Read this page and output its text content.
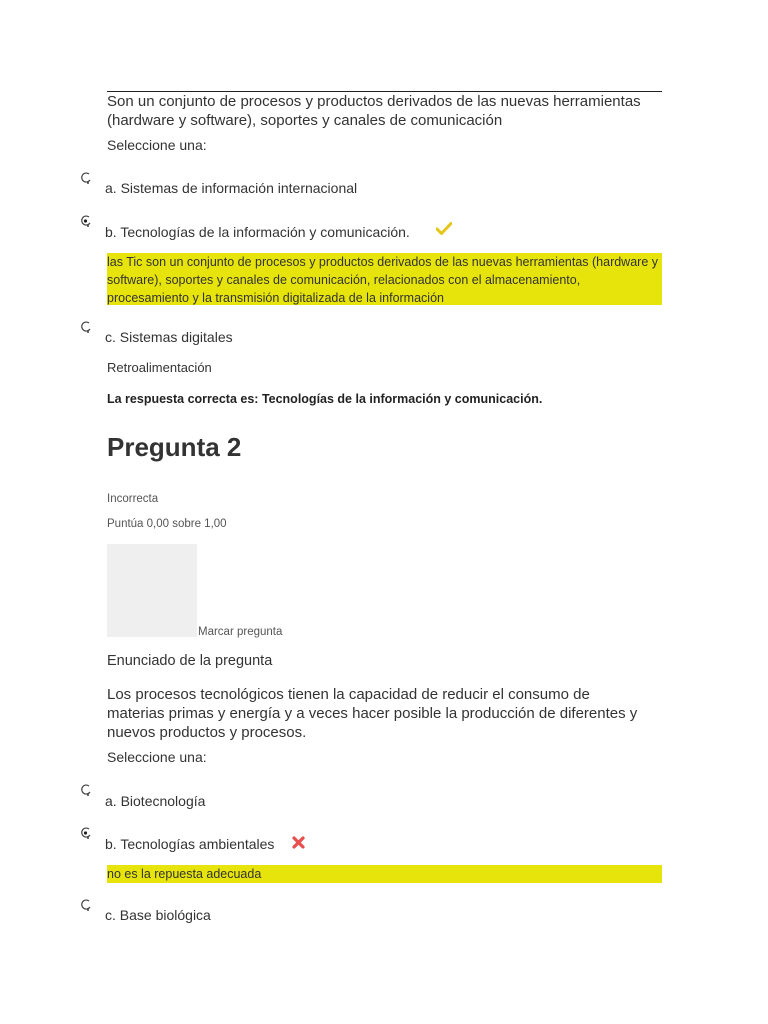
Son un conjunto de procesos y productos derivados de las nuevas herramientas (hardware y software), soportes y canales de comunicación
Seleccione una:
a. Sistemas de información internacional
b. Tecnologías de la información y comunicación.
las Tic son un conjunto de procesos y productos derivados de las nuevas herramientas (hardware y software), soportes y canales de comunicación, relacionados con el almacenamiento, procesamiento y la transmisión digitalizada de la información
c. Sistemas digitales
Retroalimentación
La respuesta correcta es: Tecnologías de la información y comunicación.
Pregunta 2
Incorrecta
Puntúa 0,00 sobre 1,00
Marcar pregunta
Enunciado de la pregunta
Los procesos tecnológicos tienen la capacidad de reducir el consumo de materias primas y energía y a veces hacer posible la producción de diferentes y nuevos productos y procesos.
Seleccione una:
a. Biotecnología
b. Tecnologías ambientales
no es la repuesta adecuada
c. Base biológica
